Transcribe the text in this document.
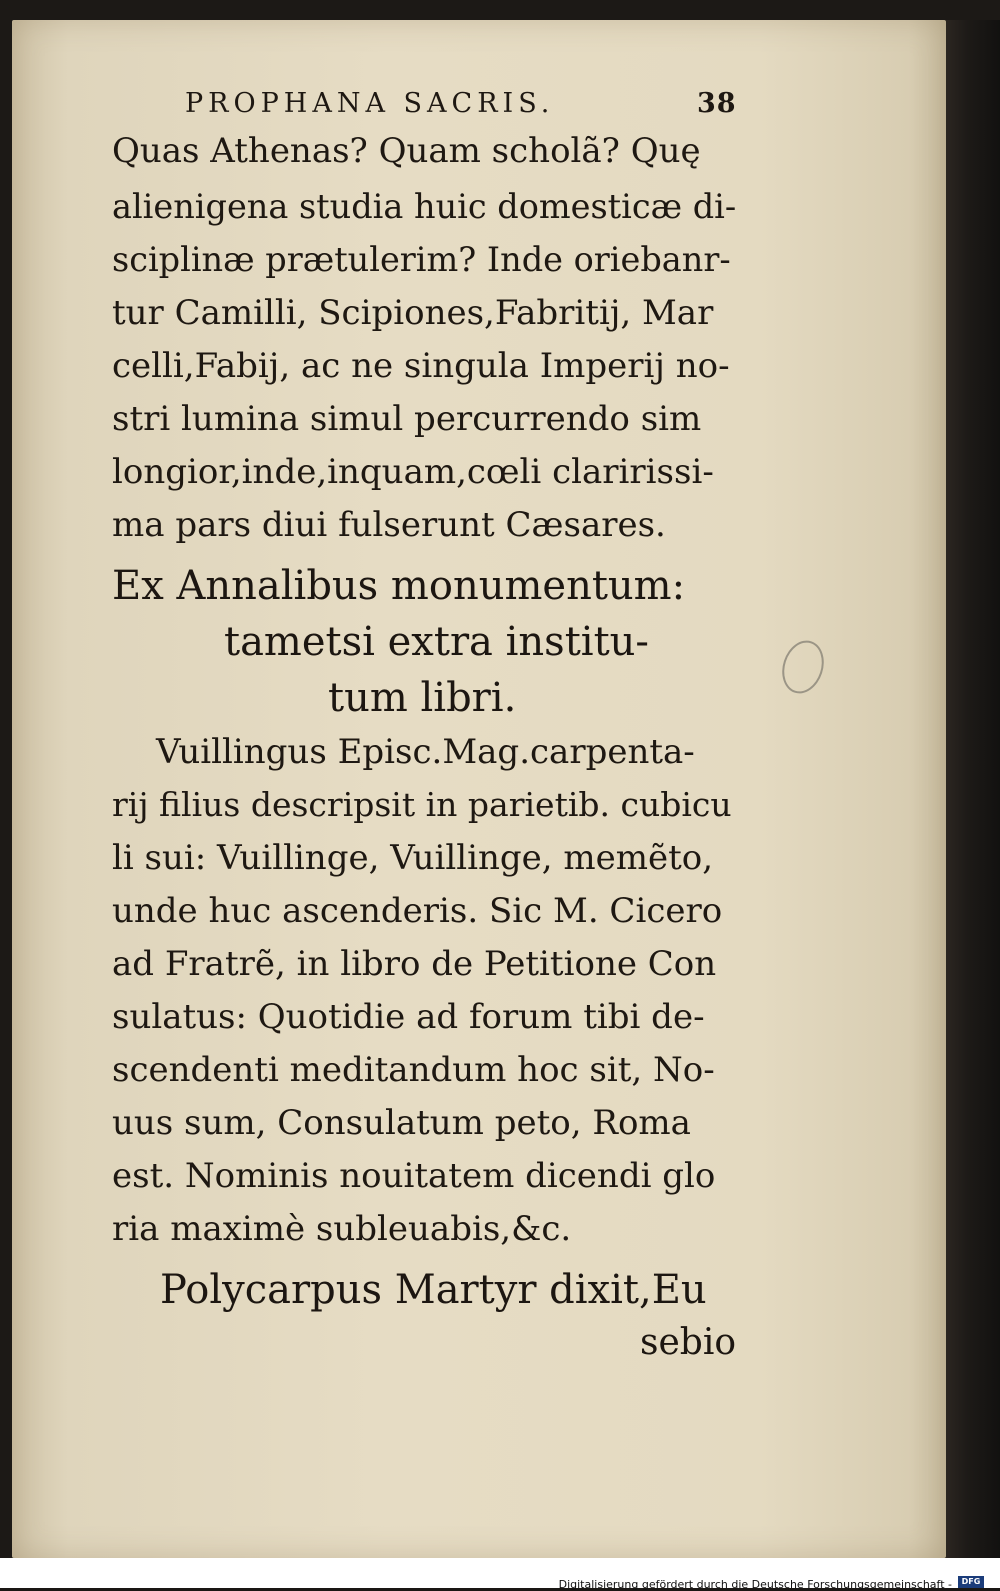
PROPHANA SACRIS.	38
Quas Athenas? Quam scholã? Quę
alienigena studia huic domesticæ di-
sciplinæ prætulerim? Inde oriebanr-
tur Camilli, Scipiones,Fabritij, Mar
celli,Fabij, ac ne singula Imperij no-
stri lumina simul percurrendo sim
longior,inde,inquam,cœli claririssi-
ma pars diui fulserunt Cæsares.
Ex Annalibus monumentum:
tametsi extra institu-
tum libri.
Vuillingus Episc.Mag.carpenta-
rij filius descripsit in parietib. cubicu
li sui: Vuillinge, Vuillinge, memẽto,
unde huc ascenderis. Sic M. Cicero
ad Fratrẽ, in libro de Petitione Con
sulatus: Quotidie ad forum tibi de-
scendenti meditandum hoc sit, No-
uus sum, Consulatum peto, Roma
est. Nominis nouitatem dicendi glo
ria maximè subleuabis,&c.
Polycarpus Martyr dixit,Eu
sebio
Digitalisierung gefördert durch die Deutsche Forschungsgemeinschaft -	DFG
